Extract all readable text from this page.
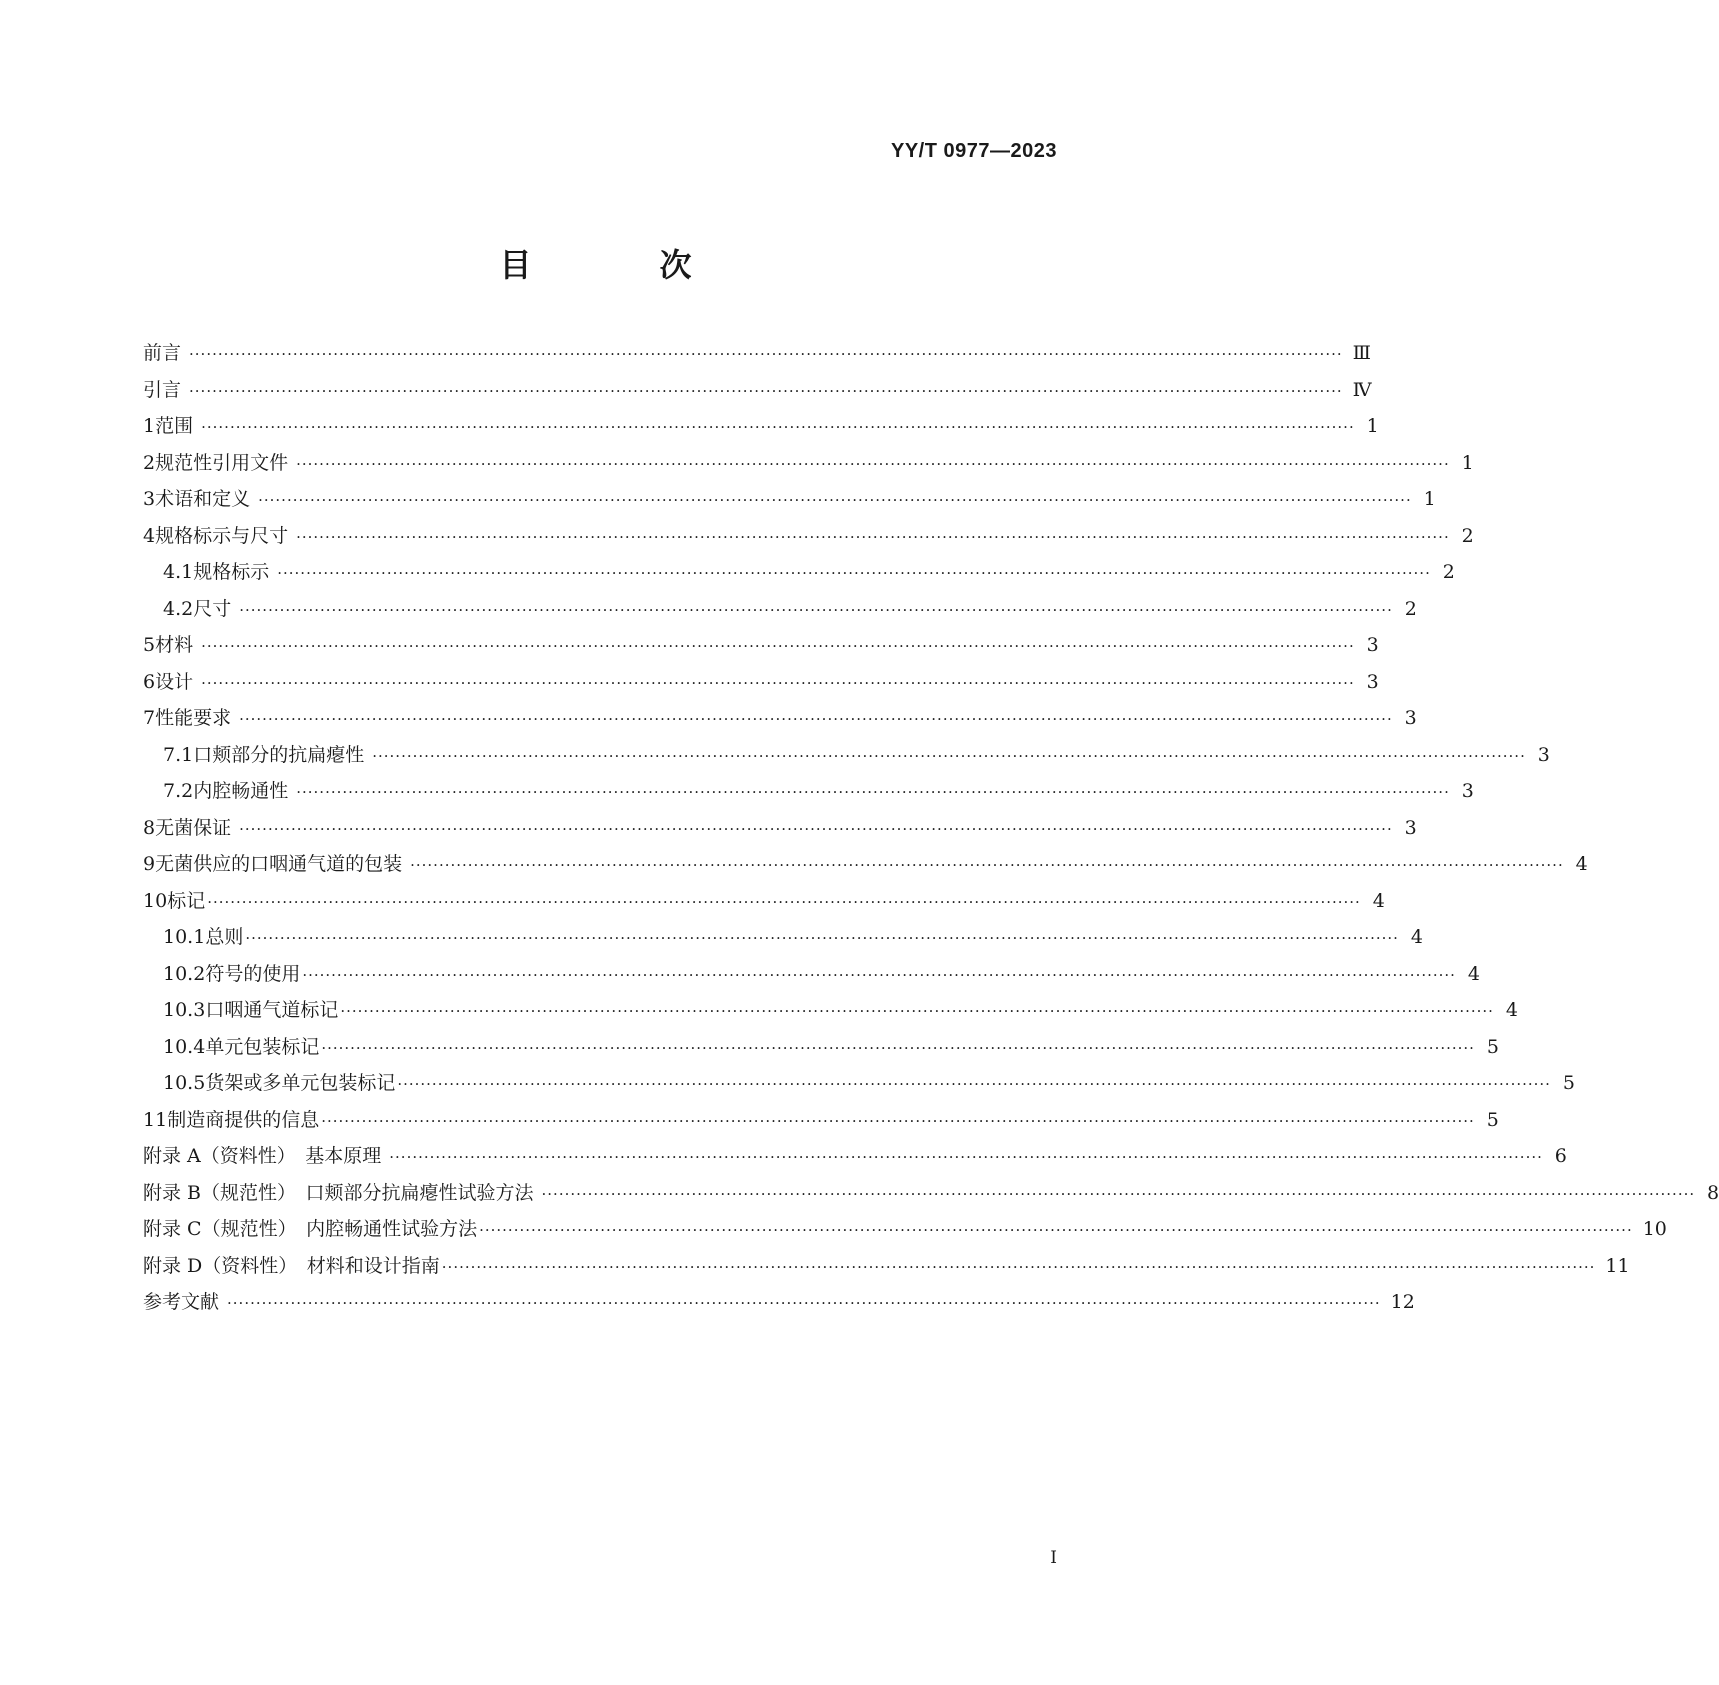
YY/T 0977—2023
目　次
前言 ········································································································································································································ Ⅲ
引言 ········································································································································································································ Ⅳ
1 范围 ········································································································································································································ 1
2 规范性引用文件 ········································································································································································································ 1
3 术语和定义 ········································································································································································································ 1
4 规格标示与尺寸 ········································································································································································································ 2
4.1 规格标示 ········································································································································································································ 2
4.2 尺寸 ········································································································································································································ 2
5 材料 ········································································································································································································ 3
6 设计 ········································································································································································································ 3
7 性能要求 ········································································································································································································ 3
7.1 口颊部分的抗扁瘪性 ········································································································································································································ 3
7.2 内腔畅通性 ········································································································································································································ 3
8 无菌保证 ········································································································································································································ 3
9 无菌供应的口咽通气道的包装 ········································································································································································································ 4
10 标记 ········································································································································································································ 4
10.1 总则 ········································································································································································································ 4
10.2 符号的使用 ········································································································································································································ 4
10.3 口咽通气道标记 ········································································································································································································ 4
10.4 单元包装标记 ········································································································································································································ 5
10.5 货架或多单元包装标记 ········································································································································································································ 5
11 制造商提供的信息 ········································································································································································································ 5
附录 A（资料性）　基本原理 ········································································································································································································ 6
附录 B（规范性）　口颊部分抗扁瘪性试验方法 ········································································································································································································ 8
附录 C（规范性）　内腔畅通性试验方法 ········································································································································································································ 10
附录 D（资料性）　材料和设计指南 ········································································································································································································ 11
参考文献 ········································································································································································································ 12
Ⅰ
